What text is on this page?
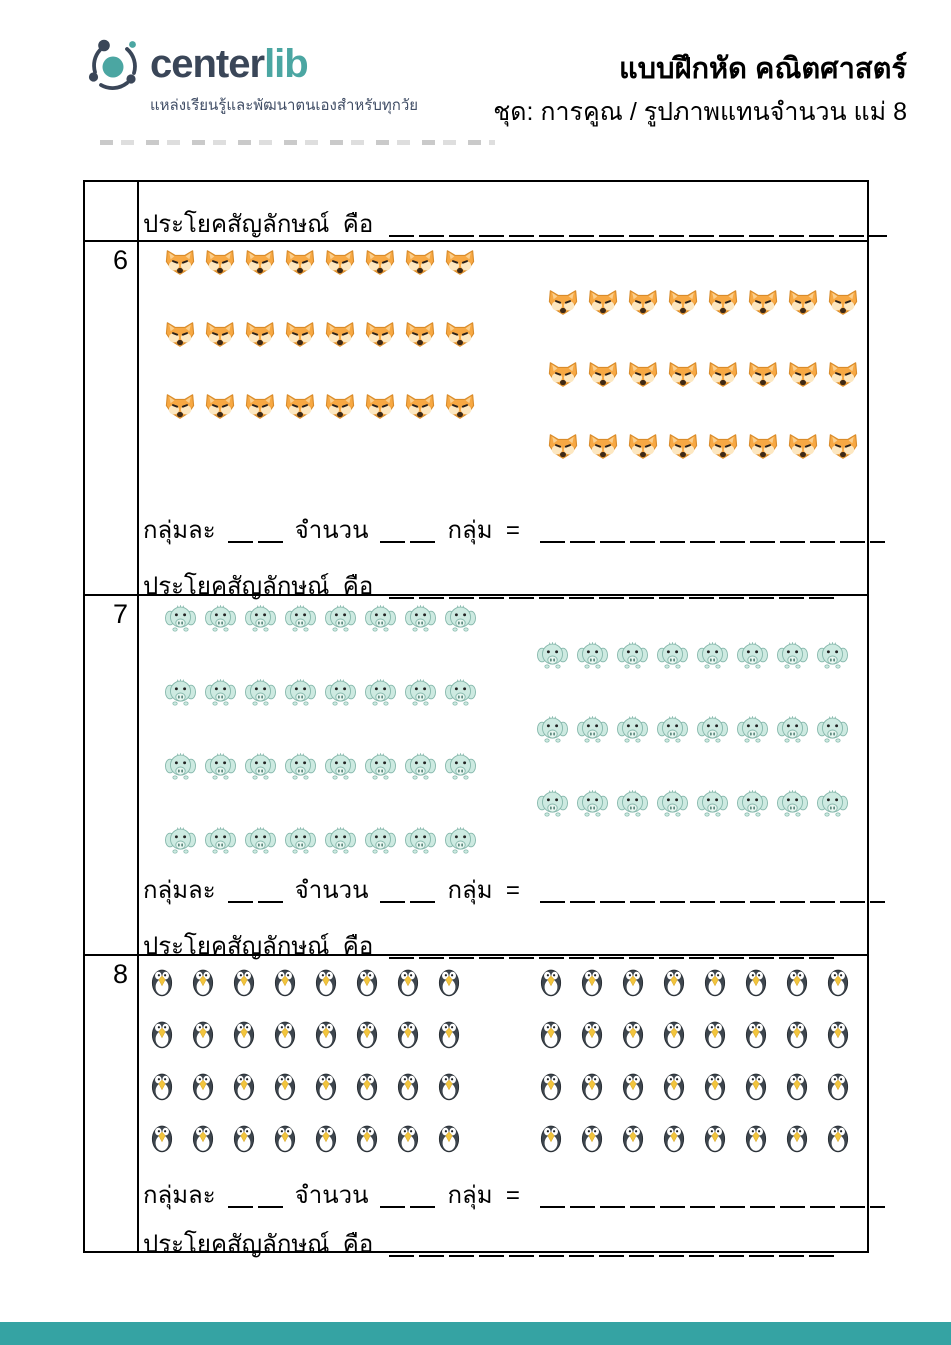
centerlib
แหล่งเรียนรู้และพัฒนาตนเองสำหรับทุกวัย
แบบฝึกหัด คณิตศาสตร์
ชุด: การคูณ / รูปภาพแทนจำนวน แม่ 8
ประโยคสัญลักษณ์  คือ
6
กลุ่มละ	จำนวน	กลุ่ม  =
ประโยคสัญลักษณ์  คือ
7
กลุ่มละ	จำนวน	กลุ่ม  =
ประโยคสัญลักษณ์  คือ
8
กลุ่มละ	จำนวน	กลุ่ม  =
ประโยคสัญลักษณ์  คือ
